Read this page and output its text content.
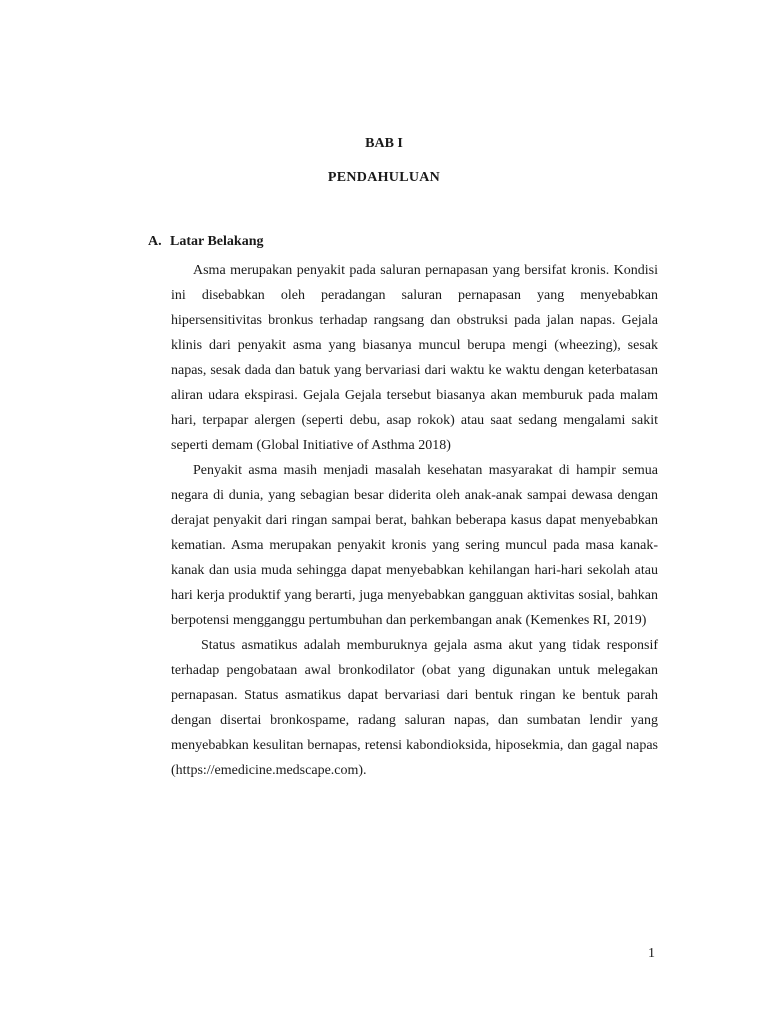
BAB I
PENDAHULUAN
A. Latar Belakang

Asma merupakan penyakit pada saluran pernapasan yang bersifat kronis. Kondisi ini disebabkan oleh peradangan saluran pernapasan yang menyebabkan hipersensitivitas bronkus terhadap rangsang dan obstruksi pada jalan napas. Gejala klinis dari penyakit asma yang biasanya muncul berupa mengi (wheezing), sesak napas, sesak dada dan batuk yang bervariasi dari waktu ke waktu dengan keterbatasan aliran udara ekspirasi. Gejala Gejala tersebut biasanya akan memburuk pada malam hari, terpapar alergen (seperti debu, asap rokok) atau saat sedang mengalami sakit seperti demam (Global Initiative of Asthma 2018)

Penyakit asma masih menjadi masalah kesehatan masyarakat di hampir semua negara di dunia, yang sebagian besar diderita oleh anak-anak sampai dewasa dengan derajat penyakit dari ringan sampai berat, bahkan beberapa kasus dapat menyebabkan kematian. Asma merupakan penyakit kronis yang sering muncul pada masa kanak-kanak dan usia muda sehingga dapat menyebabkan kehilangan hari-hari sekolah atau hari kerja produktif yang berarti, juga menyebabkan gangguan aktivitas sosial, bahkan berpotensi mengganggu pertumbuhan dan perkembangan anak (Kemenkes RI, 2019)

Status asmatikus adalah memburuknya gejala asma akut yang tidak responsif terhadap pengobataan awal bronkodilator (obat yang digunakan untuk melegakan pernapasan. Status asmatikus dapat bervariasi dari bentuk ringan ke bentuk parah dengan disertai bronkospame, radang saluran napas, dan sumbatan lendir yang menyebabkan kesulitan bernapas, retensi kabondioksida, hiposekmia, dan gagal napas (https://emedicine.medscape.com).

1
